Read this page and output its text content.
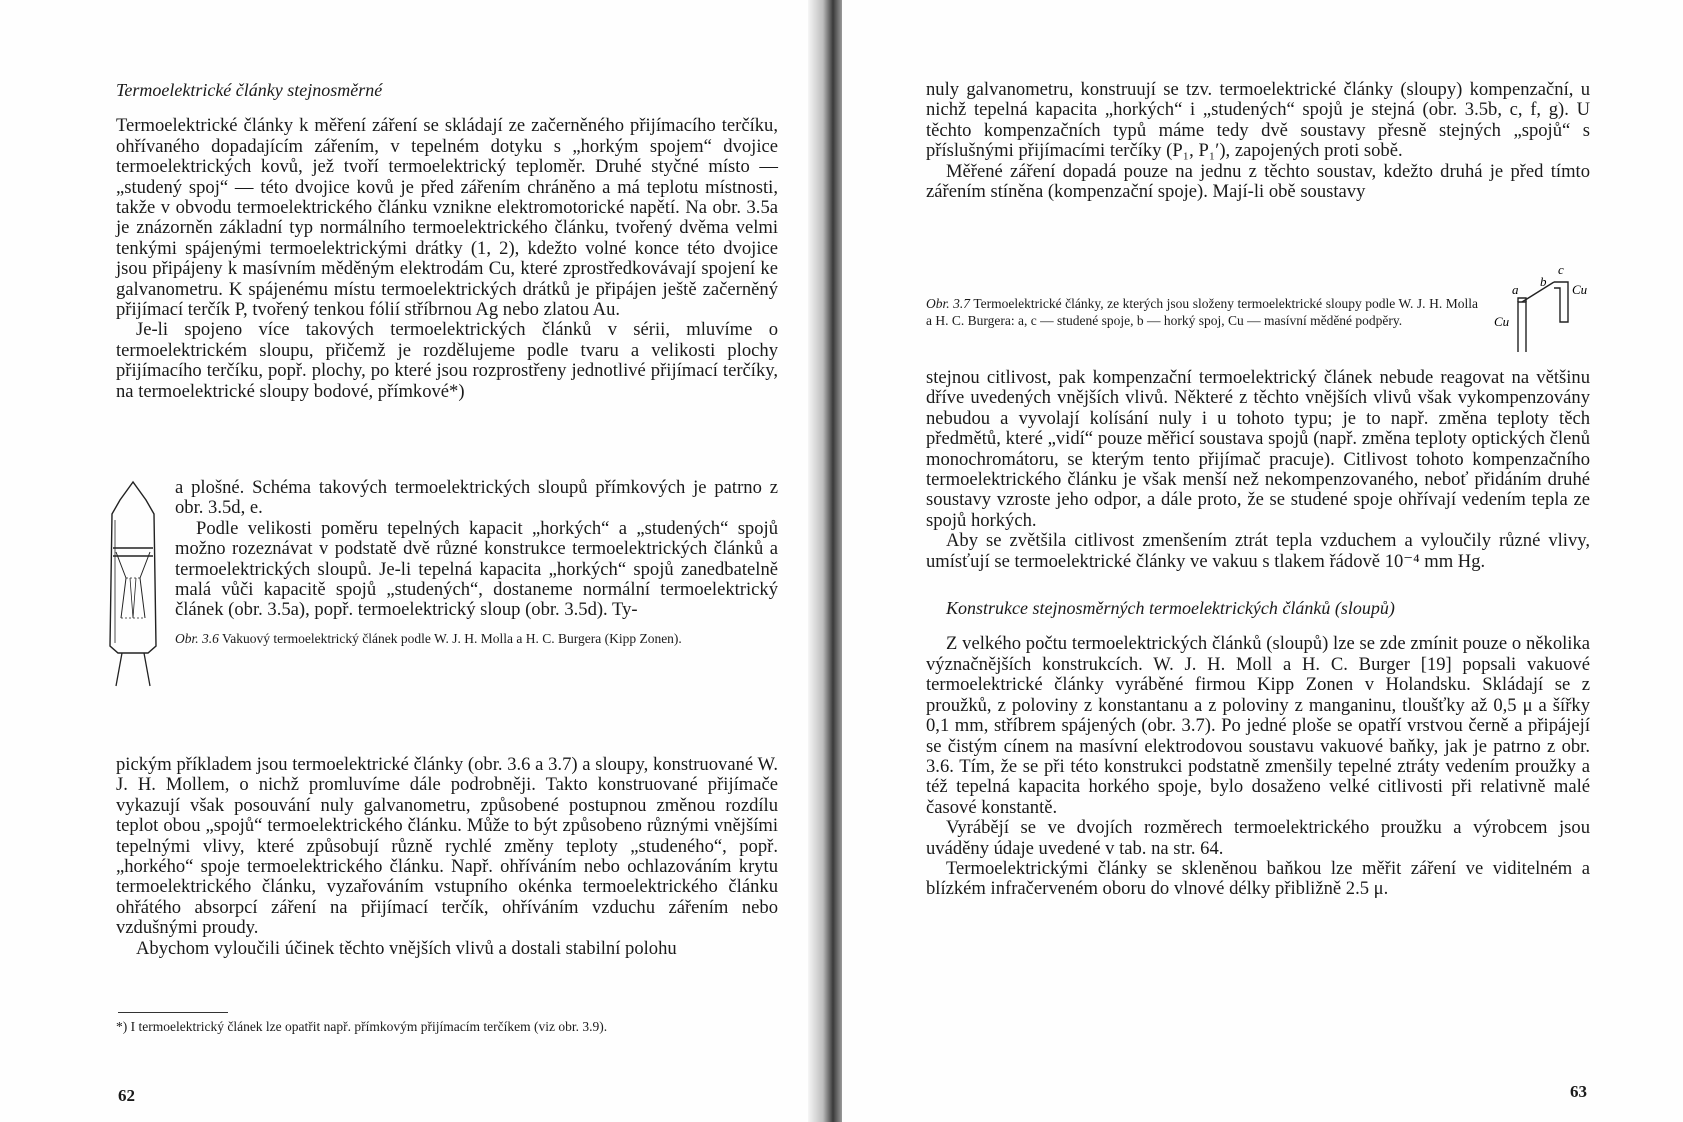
Termoelektrické články stejnosměrné

Termoelektrické články k měření záření se skládají ze začerněného přijímacího terčíku, ohřívaného dopadajícím zářením, v tepelném dotyku s „horkým spojem“ dvojice termoelektrických kovů, jež tvoří termoelektrický teploměr. Druhé styčné místo — „studený spoj“ — této dvojice kovů je před zářením chráněno a má teplotu místnosti, takže v obvodu termoelektrického článku vznikne elektromotorické napětí. Na obr. 3.5a je znázorněn základní typ normálního termoelektrického článku, tvořený dvěma velmi tenkými spájenými termoelektrickými drátky (1, 2), kdežto volné konce této dvojice jsou připájeny k masívním měděným elektrodám Cu, které zprostředkovávají spojení ke galvanometru. K spájenému místu termoelektrických drátků je připájen ještě začerněný přijímací terčík P, tvořený tenkou fólií stříbrnou Ag nebo zlatou Au.

Je-li spojeno více takových termoelektrických článků v sérii, mluvíme o termoelektrickém sloupu, přičemž je rozdělujeme podle tvaru a velikosti plochy přijímacího terčíku, popř. plochy, po které jsou rozprostřeny jednotlivé přijímací terčíky, na termoelektrické sloupy bodové, přímkové*)

a plošné. Schéma takových termoelektrických sloupů přímkových je patrno z obr. 3.5d, e.

Podle velikosti poměru tepelných kapacit „horkých“ a „studených“ spojů možno rozeznávat v podstatě dvě různé konstrukce termoelektrických článků a termoelektrických sloupů. Je-li tepelná kapacita „horkých“ spojů zanedbatelně malá vůči kapacitě spojů „studených“, dostaneme normální termoelektrický článek (obr. 3.5a), popř. termoelektrický sloup (obr. 3.5d). Ty-

Obr. 3.6 Vakuový termoelektrický článek podle W. J. H. Molla a H. C. Burgera (Kipp Zonen).

pickým příkladem jsou termoelektrické články (obr. 3.6 a 3.7) a sloupy, konstruované W. J. H. Mollem, o nichž promluvíme dále podrobněji. Takto konstruované přijímače vykazují však posouvání nuly galvanometru, způsobené postupnou změnou rozdílu teplot obou „spojů“ termoelektrického článku. Může to být způsobeno různými vnějšími tepelnými vlivy, které způsobují různě rychlé změny teploty „studeného“, popř. „horkého“ spoje termoelektrického článku. Např. ohříváním nebo ochlazováním krytu termoelektrického článku, vyzařováním vstupního okénka termoelektrického článku ohřátého absorpcí záření na přijímací terčík, ohříváním vzduchu zářením nebo vzdušnými proudy.

Abychom vyloučili účinek těchto vnějších vlivů a dostali stabilní polohu

*) I termoelektrický článek lze opatřit např. přímkovým přijímacím terčíkem (viz obr. 3.9).
62

nuly galvanometru, konstruují se tzv. termoelektrické články (sloupy) kompenzační, u nichž tepelná kapacita „horkých“ i „studených“ spojů je stejná (obr. 3.5b, c, f, g). U těchto kompenzačních typů máme tedy dvě soustavy přesně stejných „spojů“ s příslušnými přijímacími terčíky (P₁, P₁′), zapojených proti sobě.

Měřené záření dopadá pouze na jednu z těchto soustav, kdežto druhá je před tímto zářením stíněna (kompenzační spoje). Mají-li obě soustavy

Obr. 3.7 Termoelektrické články, ze kterých jsou složeny termoelektrické sloupy podle W. J. H. Molla a H. C. Burgera: a, c — studené spoje, b — horký spoj, Cu — masívní měděné podpěry.
a
b
c
Cu
Cu

stejnou citlivost, pak kompenzační termoelektrický článek nebude reagovat na většinu dříve uvedených vnějších vlivů. Některé z těchto vnějších vlivů však vykompenzovány nebudou a vyvolají kolísání nuly i u tohoto typu; je to např. změna teploty těch předmětů, které „vidí“ pouze měřicí soustava spojů (např. změna teploty optických členů monochromátoru, se kterým tento přijímač pracuje). Citlivost tohoto kompenzačního termoelektrického článku je však menší než nekompenzovaného, neboť přidáním druhé soustavy vzroste jeho odpor, a dále proto, že se studené spoje ohřívají vedením tepla ze spojů horkých.

Aby se zvětšila citlivost zmenšením ztrát tepla vzduchem a vyloučily různé vlivy, umísťují se termoelektrické články ve vakuu s tlakem řádově 10⁻⁴ mm Hg.

Konstrukce stejnosměrných termoelektrických článků (sloupů)

Z velkého počtu termoelektrických článků (sloupů) lze se zde zmínit pouze o několika význačnějších konstrukcích. W. J. H. Moll a H. C. Burger [19] popsali vakuové termoelektrické články vyráběné firmou Kipp Zonen v Holandsku. Skládají se z proužků, z poloviny z konstantanu a z poloviny z manganinu, tloušťky až 0,5 μ a šířky 0,1 mm, stříbrem spájených (obr. 3.7). Po jedné ploše se opatří vrstvou černě a připájejí se čistým cínem na masívní elektrodovou soustavu vakuové baňky, jak je patrno z obr. 3.6. Tím, že se při této konstrukci podstatně zmenšily tepelné ztráty vedením proužky a též tepelná kapacita horkého spoje, bylo dosaženo velké citlivosti při relativně malé časové konstantě.

Vyrábějí se ve dvojích rozměrech termoelektrického proužku a výrobcem jsou uváděny údaje uvedené v tab. na str. 64.

Termoelektrickými články se skleněnou baňkou lze měřit záření ve viditelném a blízkém infračerveném oboru do vlnové délky přibližně 2.5 μ.

63
